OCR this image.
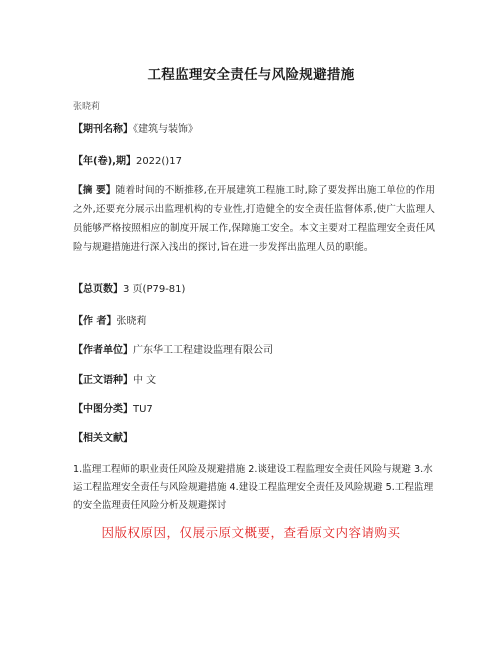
工程监理安全责任与风险规避措施
张晓莉
【期刊名称】《建筑与装饰》
【年(卷),期】2022()17
【摘 要】随着时间的不断推移,在开展建筑工程施工时,除了要发挥出施工单位的作用之外,还要充分展示出监理机构的专业性,打造健全的安全责任监督体系,使广大监理人员能够严格按照相应的制度开展工作,保障施工安全。本文主要对工程监理安全责任风险与规避措施进行深入浅出的探讨,旨在进一步发挥出监理人员的职能。
【总页数】3 页(P79-81)
【作 者】张晓莉
【作者单位】广东华工工程建设监理有限公司
【正文语种】中 文
【中图分类】TU7
【相关文献】
1.监理工程师的职业责任风险及规避措施 2.谈建设工程监理安全责任风险与规避 3.水运工程监理安全责任与风险规避措施 4.建设工程监理安全责任及风险规避 5.工程监理的安全监理责任风险分析及规避探讨
因版权原因，仅展示原文概要，查看原文内容请购买
